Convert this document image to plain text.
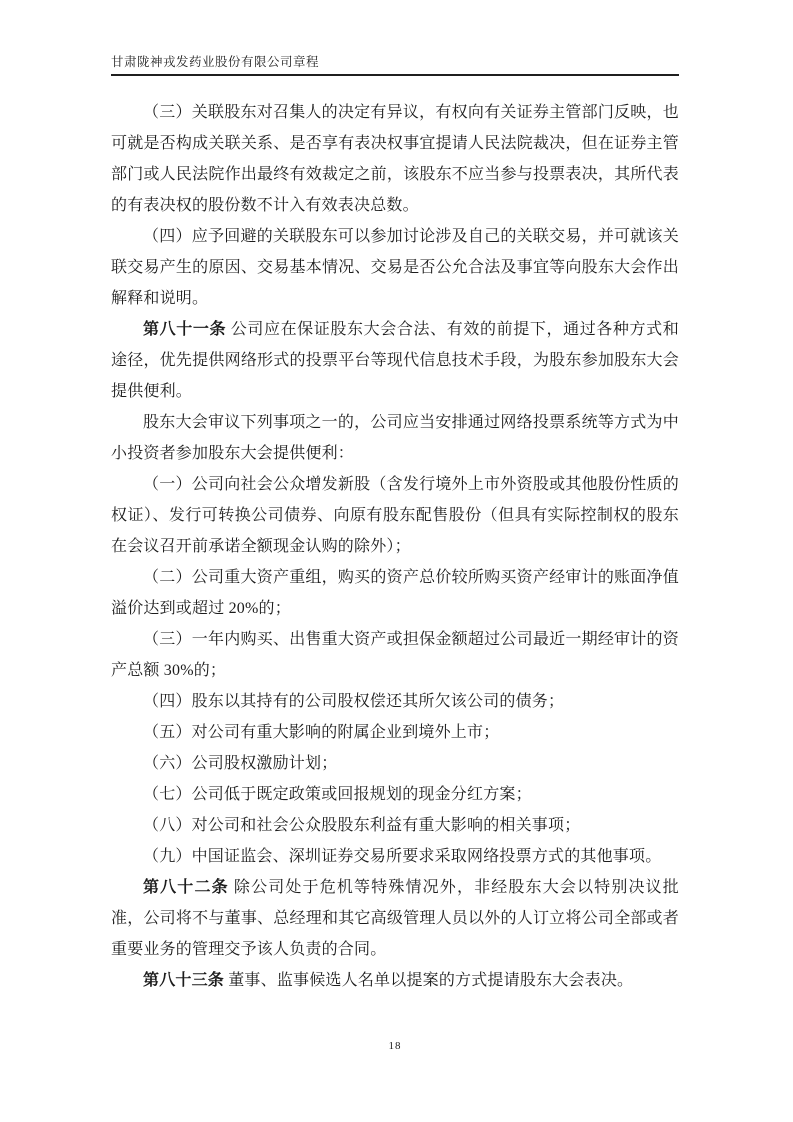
甘肃陇神戎发药业股份有限公司章程

（三）关联股东对召集人的决定有异议，有权向有关证券主管部门反映，也可就是否构成关联关系、是否享有表决权事宜提请人民法院裁决，但在证券主管部门或人民法院作出最终有效裁定之前，该股东不应当参与投票表决，其所代表的有表决权的股份数不计入有效表决总数。

（四）应予回避的关联股东可以参加讨论涉及自己的关联交易，并可就该关联交易产生的原因、交易基本情况、交易是否公允合法及事宜等向股东大会作出解释和说明。

第八十一条 公司应在保证股东大会合法、有效的前提下，通过各种方式和途径，优先提供网络形式的投票平台等现代信息技术手段，为股东参加股东大会提供便利。

股东大会审议下列事项之一的，公司应当安排通过网络投票系统等方式为中小投资者参加股东大会提供便利：

（一）公司向社会公众增发新股（含发行境外上市外资股或其他股份性质的权证）、发行可转换公司债券、向原有股东配售股份（但具有实际控制权的股东在会议召开前承诺全额现金认购的除外）；

（二）公司重大资产重组，购买的资产总价较所购买资产经审计的账面净值溢价达到或超过 20%的；

（三）一年内购买、出售重大资产或担保金额超过公司最近一期经审计的资产总额 30%的；

（四）股东以其持有的公司股权偿还其所欠该公司的债务；

（五）对公司有重大影响的附属企业到境外上市；

（六）公司股权激励计划；

（七）公司低于既定政策或回报规划的现金分红方案；

（八）对公司和社会公众股股东利益有重大影响的相关事项；

（九）中国证监会、深圳证券交易所要求采取网络投票方式的其他事项。

第八十二条 除公司处于危机等特殊情况外，非经股东大会以特别决议批准，公司将不与董事、总经理和其它高级管理人员以外的人订立将公司全部或者重要业务的管理交予该人负责的合同。

第八十三条 董事、监事候选人名单以提案的方式提请股东大会表决。

18
